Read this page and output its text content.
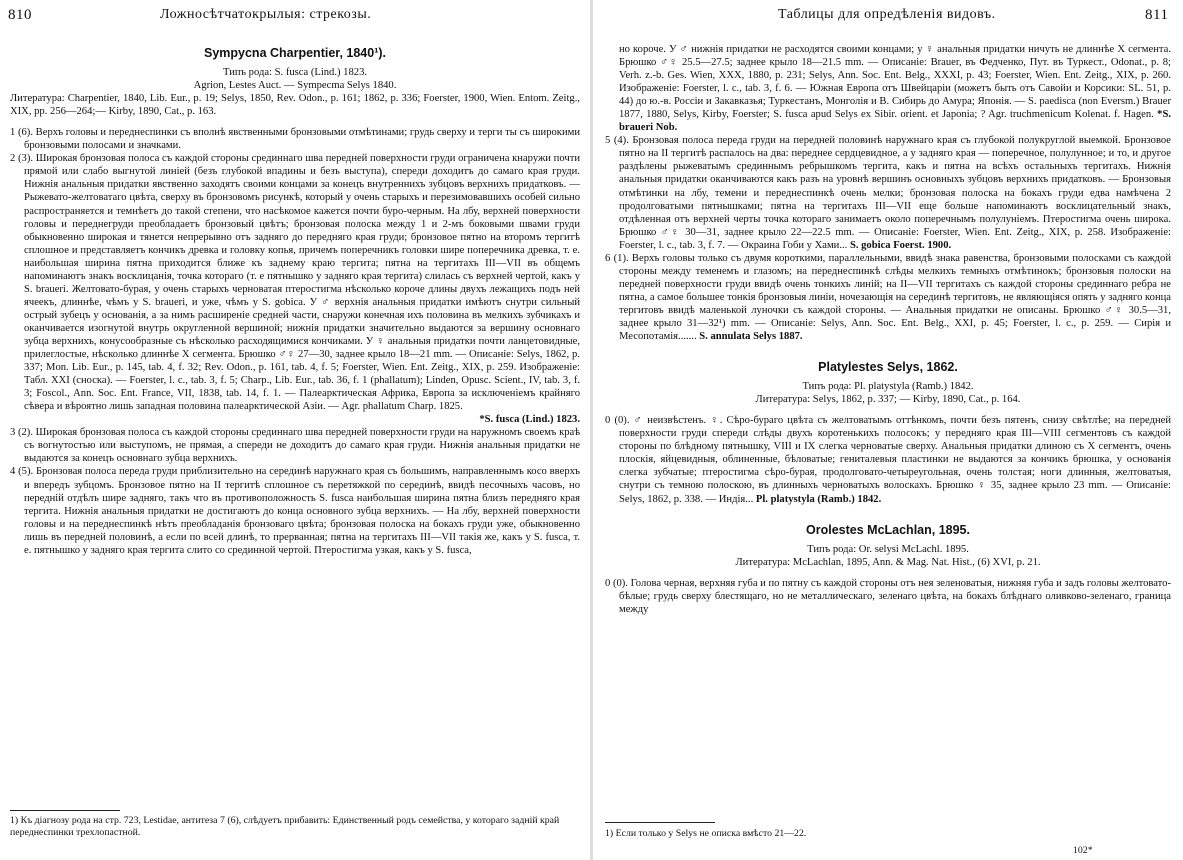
810	Ложносѣтчатокрылыя: стрекозы.
Sympycna Charpentier, 1840¹).

Типъ рода: S. fusca (Lind.) 1823.

Agrion, Lestes Auct. — Sympecma Selys 1840.

Литература: Charpentier, 1840, Lib. Eur., p. 19; Selys, 1850, Rev. Odon., p. 161; 1862, p. 336; Foerster, 1900, Wien. Entom. Zeitg., XIX, pp. 256—264;— Kirby, 1890, Cat., p. 163.

1 (6). Верхъ головы и переднеспинки съ вполнѣ явственными бронзовыми отмѣтинами; грудь сверху и терги ты съ широкими бронзовыми полосами и значками.

2 (3). Широкая бронзовая полоса съ каждой стороны срединнаго шва передней поверхности груди ограничена кнаружи почти прямой или слабо выгнутой линіей (безъ глубокой впадины и безъ выступа), спереди доходитъ до самаго края груди. Нижнія анальныя придатки явственно заходятъ своими концами за конецъ внутреннихъ зубцовъ верхнихъ придатковъ. — Рыжевато-желтоватаго цвѣта, сверху въ бронзовомъ рисункѣ, который у очень старыхъ и перезимовавшихъ особей сильно распространяется и темнѣетъ до такой степени, что насѣкомое кажется почти буро-черным. На лбу, верхней поверхности головы и переднегруди преобладаетъ бронзовый цвѣтъ; бронзовая полоска между 1 и 2-мъ боковыми швами груди обыкновенно широкая и тянется непрерывно отъ задняго до передняго края груди; бронзовое пятно на второмъ тергитѣ сплошное и представляетъ кончикъ древка и головку копья, причемъ поперечникъ головки шире поперечника древка, т. е. наибольшая ширина пятна приходится ближе къ заднему краю тергита; пятна на тергитахъ III—VII въ общемъ напоминаютъ знакъ восклицанія, точка котораго (т. е пятнышко у задняго края тергита) слилась съ верхней чертой, какъ у S. braueri. Желтовато-бурая, у очень старыхъ черноватая птеростигма нѣсколько короче длины двухъ лежащихъ подъ ней ячеекъ, длиннѣе, чѣмъ у S. braueri, и уже, чѣмъ у S. gobica. У ♂ верхнія анальныя придатки имѣютъ снутри сильный острый зубецъ у основанія, а за нимъ расширеніе средней части, снаружи конечная ихъ половина въ мелкихъ зубчикахъ и оканчивается изогнутой внутрь округленной вершиной; нижнія придатки значительно выдаются за вершину основнаго зубца верхнихъ, конусообразные съ нѣсколько расходящимися кончиками. У ♀ анальныя придатки почти ланцетовидные, прилеглостые, нѣсколько длиннѣе X сегмента. Брюшко ♂♀ 27—30, заднее крыло 18—21 mm. — Описаніе: Selys, 1862, p. 337; Mon. Lib. Eur., p. 145, tab. 4, f. 32; Rev. Odon., p. 161, tab. 4, f. 5; Foerster, Wien. Ent. Zeitg., XIX, p. 259. Изображеніе: Табл. XXI (сноска). — Foerster, l. c., tab. 3, f. 5; Charp., Lib. Eur., tab. 36, f. 1 (phallatum); Linden, Opusc. Scient., IV, tab. 3, f. 3; Foscol., Ann. Soc. Ent. France, VII, 1838, tab. 14, f. 1. — Палеарктическая Африка, Европа за исключеніемъ крайняго сѣвера и вѣроятно лишь западная половина палеарктической Азіи. — Agr. phallatum Charp. 1825.

*S. fusca (Lind.) 1823.

3 (2). Широкая бронзовая полоса съ каждой стороны срединнаго шва передней поверхности груди на наружномъ своемъ краѣ съ вогнутостью или выступомъ, не прямая, а спереди не доходитъ до самаго края груди. Нижнія анальныя придатки не выдаются за конецъ основнаго зубца верхнихъ.

4 (5). Бронзовая полоса переда груди приблизительно на серединѣ наружнаго края съ большимъ, направленнымъ косо вверхъ и впередъ зубцомъ. Бронзовое пятно на II тергитѣ сплошное съ перетяжкой по серединѣ, ввидѣ песочныхъ часовъ, но передній отдѣлъ шире задняго, такъ что въ противоположность S. fusca наибольшая ширина пятна близъ передняго края тергита. Нижнія анальныя придатки не достигаютъ до конца основного зубца верхнихъ. — На лбу, верхней поверхности головы и на переднеспинкѣ нѣтъ преобладанія бронзоваго цвѣта; бронзовая полоска на бокахъ груди уже, обыкновенно лишь въ передней половинѣ, а если по всей длинѣ, то прерванная; пятна на тергитахъ III—VII такія же, какъ у S. fusca, т. е. пятнышко у задняго края тергита слито со срединной чертой. Птеростигма узкая, какъ у S. fusca,

1) Къ діагнозу рода на стр. 723, Lestidae, антитеза 7 (6), слѣдуетъ прибавить: Единственный родъ семейства, у котораго задній край переднеспинки трехлопастной.
Таблицы для опредѣленія видовъ.	811

но короче. У ♂ нижнія придатки не расходятся своими концами; у ♀ анальныя придатки ничуть не длиннѣе X сегмента. Брюшко ♂♀ 25.5—27.5; заднее крыло 18—21.5 mm. — Описаніе: Brauer, въ Федченко, Пут. въ Туркест., Odonat., p. 8; Verh. z.-b. Ges. Wien, XXX, 1880, p. 231; Selys, Ann. Soc. Ent. Belg., XXXI, p. 43; Foerster, Wien. Ent. Zeitg., XIX, p. 260. Изображеніе: Foerster, l. c., tab. 3, f. 6. — Южная Европа отъ Швейцаріи (можетъ быть отъ Савойи и Корсики: SL. 51, p. 44) до ю.-в. Россіи и Закавказья; Туркестанъ, Монголія и В. Сибирь до Амура; Японія. — S. paedisca (non Eversm.) Brauer 1877, 1880, Selys, Kirby, Foerster; S. fusca apud Selys ex Sibir. orient. et Japonia; ? Agr. truchmenicum Kolenat. f. Hagen. *S. braueri Nob.

5 (4). Бронзовая полоса переда груди на передней половинѣ наружнаго края съ глубокой полукруглой выемкой. Бронзовое пятно на II тергитѣ распалось на два: переднее сердцевидное, а у задняго края — поперечное, полулунное; и то, и другое раздѣлены рыжеватымъ срединнымъ ребрышкомъ тергита, какъ и пятна на всѣхъ остальныхъ тергитахъ. Нижнія анальныя придатки оканчиваются какъ разъ на уровнѣ вершинъ основныхъ зубцовъ верхнихъ придатковъ. — Бронзовыя отмѣтинки на лбу, темени и переднеспинкѣ очень мелки; бронзовая полоска на бокахъ груди едва намѣчена 2 продолговатыми пятнышками; пятна на тергитахъ III—VII еще больше напоминаютъ восклицательный знакъ, отдѣленная отъ верхней черты точка котораго занимаетъ около поперечнымъ полулуніемъ. Птеростигма очень широка. Брюшко ♂♀ 30—31, заднее крыло 22—22.5 mm. — Описаніе: Foerster, Wien. Ent. Zeitg., XIX, p. 258. Изображеніе: Foerster, l. c., tab. 3, f. 7. — Окраина Гоби у Хами... S. gobica Foerst. 1900.

6 (1). Верхъ головы только съ двумя короткими, параллельными, ввидѣ знака равенства, бронзовыми полосками съ каждой стороны между теменемъ и глазомъ; на переднеспинкѣ слѣды мелкихъ темныхъ отмѣтинокъ; бронзовыя полоски на передней поверхности груди ввидѣ очень тонкихъ линій; на II—VII тергитахъ съ каждой стороны срединнаго ребра не пятна, а самое большее тонкія бронзовыя линіи, ночезающія на серединѣ тергитовъ, не являющіяся опять у задняго конца тергитовъ ввидѣ маленькой луночки съ каждой стороны. — Анальныя придатки не описаны. Брюшко ♂♀ 30.5—31, заднее крыло 31—32¹) mm. — Описаніе: Selys, Ann. Soc. Ent. Belg., XXI, p. 45; Foerster, l. c., p. 259. — Сирія и Месопотамія....... S. annulata Selys 1887.

Platylestes Selys, 1862.

Типъ рода: Pl. platystyla (Ramb.) 1842.

Литература: Selys, 1862, p. 337; — Kirby, 1890, Cat., p. 164.

0 (0). ♂ неизвѣстенъ. ♀. Сѣро-бураго цвѣта съ желтоватымъ оттѣнкомъ, почти безъ пятенъ, снизу свѣтлѣе; на передней поверхности груди спереди слѣды двухъ коротенькихъ полосокъ; у передняго края III—VIII сегментовъ съ каждой стороны по блѣдному пятнышку, VIII и IX слегка черноватые сверху. Анальныя придатки длиною съ X сегментъ, очень плоскія, яйцевидныя, облиненные, бѣловатые; гениталевыя пластинки не выдаются за кончикъ брюшка, у основанія слегка зубчатые; птеростигма сѣро-бурая, продолговато-четыреугольная, очень толстая; ноги длинныя, желтоватыя, снутри съ темною полоскою, въ длинныхъ черноватыхъ волоскахъ. Брюшко ♀ 35, заднее крыло 23 mm. — Описаніе: Selys, 1862, p. 338. — Индія... Pl. platystyla (Ramb.) 1842.

Orolestes McLachlan, 1895.

Типъ рода: Or. selysi McLachl. 1895.

Литература: McLachlan, 1895, Ann. & Mag. Nat. Hist., (6) XVI, p. 21.

0 (0). Голова черная, верхняя губа и по пятну съ каждой стороны отъ нея зеленоватыя, нижняя губа и задъ головы желтовато-бѣлые; грудь сверху блестящаго, но не металлическаго, зеленаго цвѣта, на бокахъ блѣднаго оливково-зеленаго, граница между

1) Если только у Selys не описка вмѣсто 21—22.
102*
